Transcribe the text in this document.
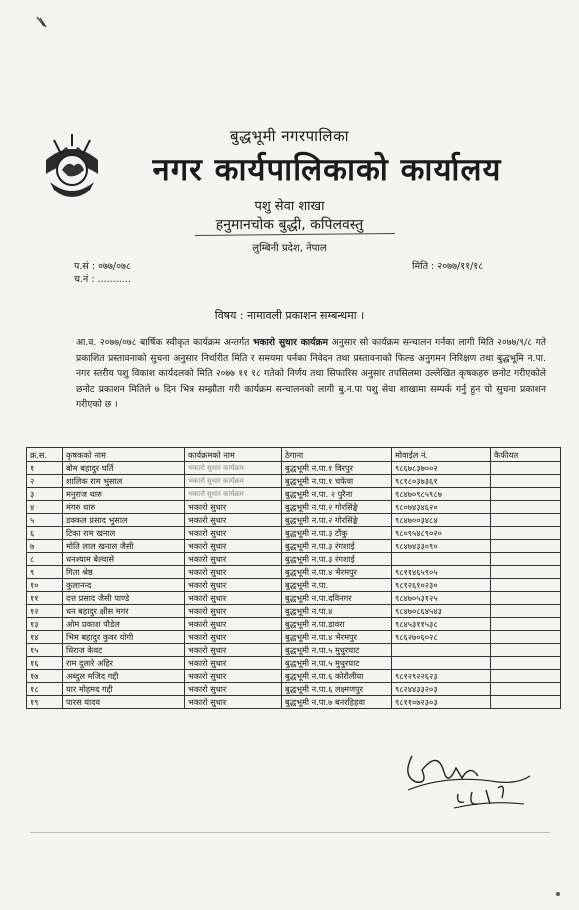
बुद्धभूमी नगरपालिका
नगर कार्यपालिकाको कार्यालय
पशु सेवा शाखा
हनुमानचोक बुद्धी, कपिलवस्तु
लुम्बिनी प्रदेश, नेपाल
प.सं : ०७७/०७८
च.नं : ...........
मिति : २०७७/११/१८
विषय : नामावली प्रकाशन सम्बन्धमा ।
आ.व. २०७७/०७८ बार्षिक स्वीकृत कार्यक्रम अन्तर्गत भकारो सुधार कार्यक्रम अनुसार सो कार्यक्रम सन्चालन गर्नका लागी मिति २०७७/९/८ गते प्रकाशित प्रस्तावनाको सुचना अनुसार निर्धारीत मिति र समयमा पर्नका निवेदन तथा प्रस्तावनाको फिल्ड अनुगमन निरिक्षण तथा बुद्धभूमि न.पा. नगर स्तरीय पशु विकाश कार्यदलको मिति २०७७ ११ १८ गतेको निर्णय तथा सिफारिस अनुसार तपसिलमा उल्लेखित कृषकहरु छनोट गरीएकोले छनोट प्रकाशन मितिले ७ दिन भित्र सम्झौता गरी कार्यक्रम सन्चालनको लागी बु.न.पा पशु सेवा शाखामा सम्पर्क गर्नु हुन यो सुचना प्रकाशन गरीएको छ ।
क्र.स.	कृषकको नाम	कार्यक्रमको नाम	ठेगाना	मोवाईल नं.	कैफीयत
१	बोम बहादुर घर्ति	भकारो सुधार कार्यक्रम	बुद्धभूमी न.पा.१ विरपुर	९८६७८३७००२	
२	शालिक राम भुसाल	भकारो सुधार कार्यक्रम	बुद्धभूमी न.पा.१ चफेवा	९८१८०३७३६१	
३	मनुराज थारु	भकारो सुधार कार्यक्रम	बुद्धभूमी न.पा. २ पुरैना	९८४७०९८५९८७	
४	मंगरु थारु	भकारो सुधार	बुद्धभूमी न.पा.२ गोरसिंङ्घे	९८०७४३४६२०	
५	डक्कल प्रसाद भुसाल	भकारो सुधार	बुद्धभूमी न.पा.२ गोरसिंङ्घे	९८४७००३४८४	
६	टिका राम खनाल	भकारो सुधार	बुद्धभूमी न.पा.३ टौंकु	९८०९५४८९०२०	
७	मोति लाल खनाल जैसी	भकारो सुधार	बुद्धभूमी न.पा.३ रंगशाई	९८४७४३३०९०	
८	धनश्याम बेल्वासे	भकारो सुधार	बुद्धभूमी न.पा.३ रंगशाई		
९	गिता श्रेष्ठ	भकारो सुधार	बुद्धभूमी न.पा.४ भैरमपुर	९८११४६५९०५	
१०	कुलानन्द	भकारो सुधार	बुद्धभूमी न.पा.	९८१२६१०२३०	
११	दत्त प्रसाद जैसी पाण्डे	भकारो सुधार	बुद्धभूमी न.पा.दविनगर	९८४७०५३१२५	
१२	धन बहादुर क्षीस मगर	भकारो सुधार	बुद्धभूमी न.पा.४	९८४७०८६४५४३	
१३	ओम प्रकाश पौडेल	भकारो सुधार	बुद्धभूमी न.पा.डावरा	९८४५३११५३८	
१४	भिम बहादुर कुवर योगी	भकारो सुधार	बुद्धभूमी न.पा.४ भैरमपुर	९८६२७०६०२८	
१५	धिराज केवट	भकारो सुधार	बुद्धभूमी न.पा.५ मुधुरघाट		
१६	राम दुलारे अहिर	भकारो सुधार	बुद्धभूमी न.पा.५ मुधुरघाट		
१७	अब्दुल मजिद गद्दी	भकारो सुधार	बुद्धभूमी न.पा.६ कोरौलीया	९८१२९२२६२३	
१८	यार मोहमद गद्दी	भकारो सुधार	बुद्धभूमी न.पा.६ लक्ष्मणपुर	९८२४४३३२०३	
१९	पारस यादव	भकारो सुधार	बुद्धभूमी न.पा.७ बनरहिहवा	९८११०७२३०३	
